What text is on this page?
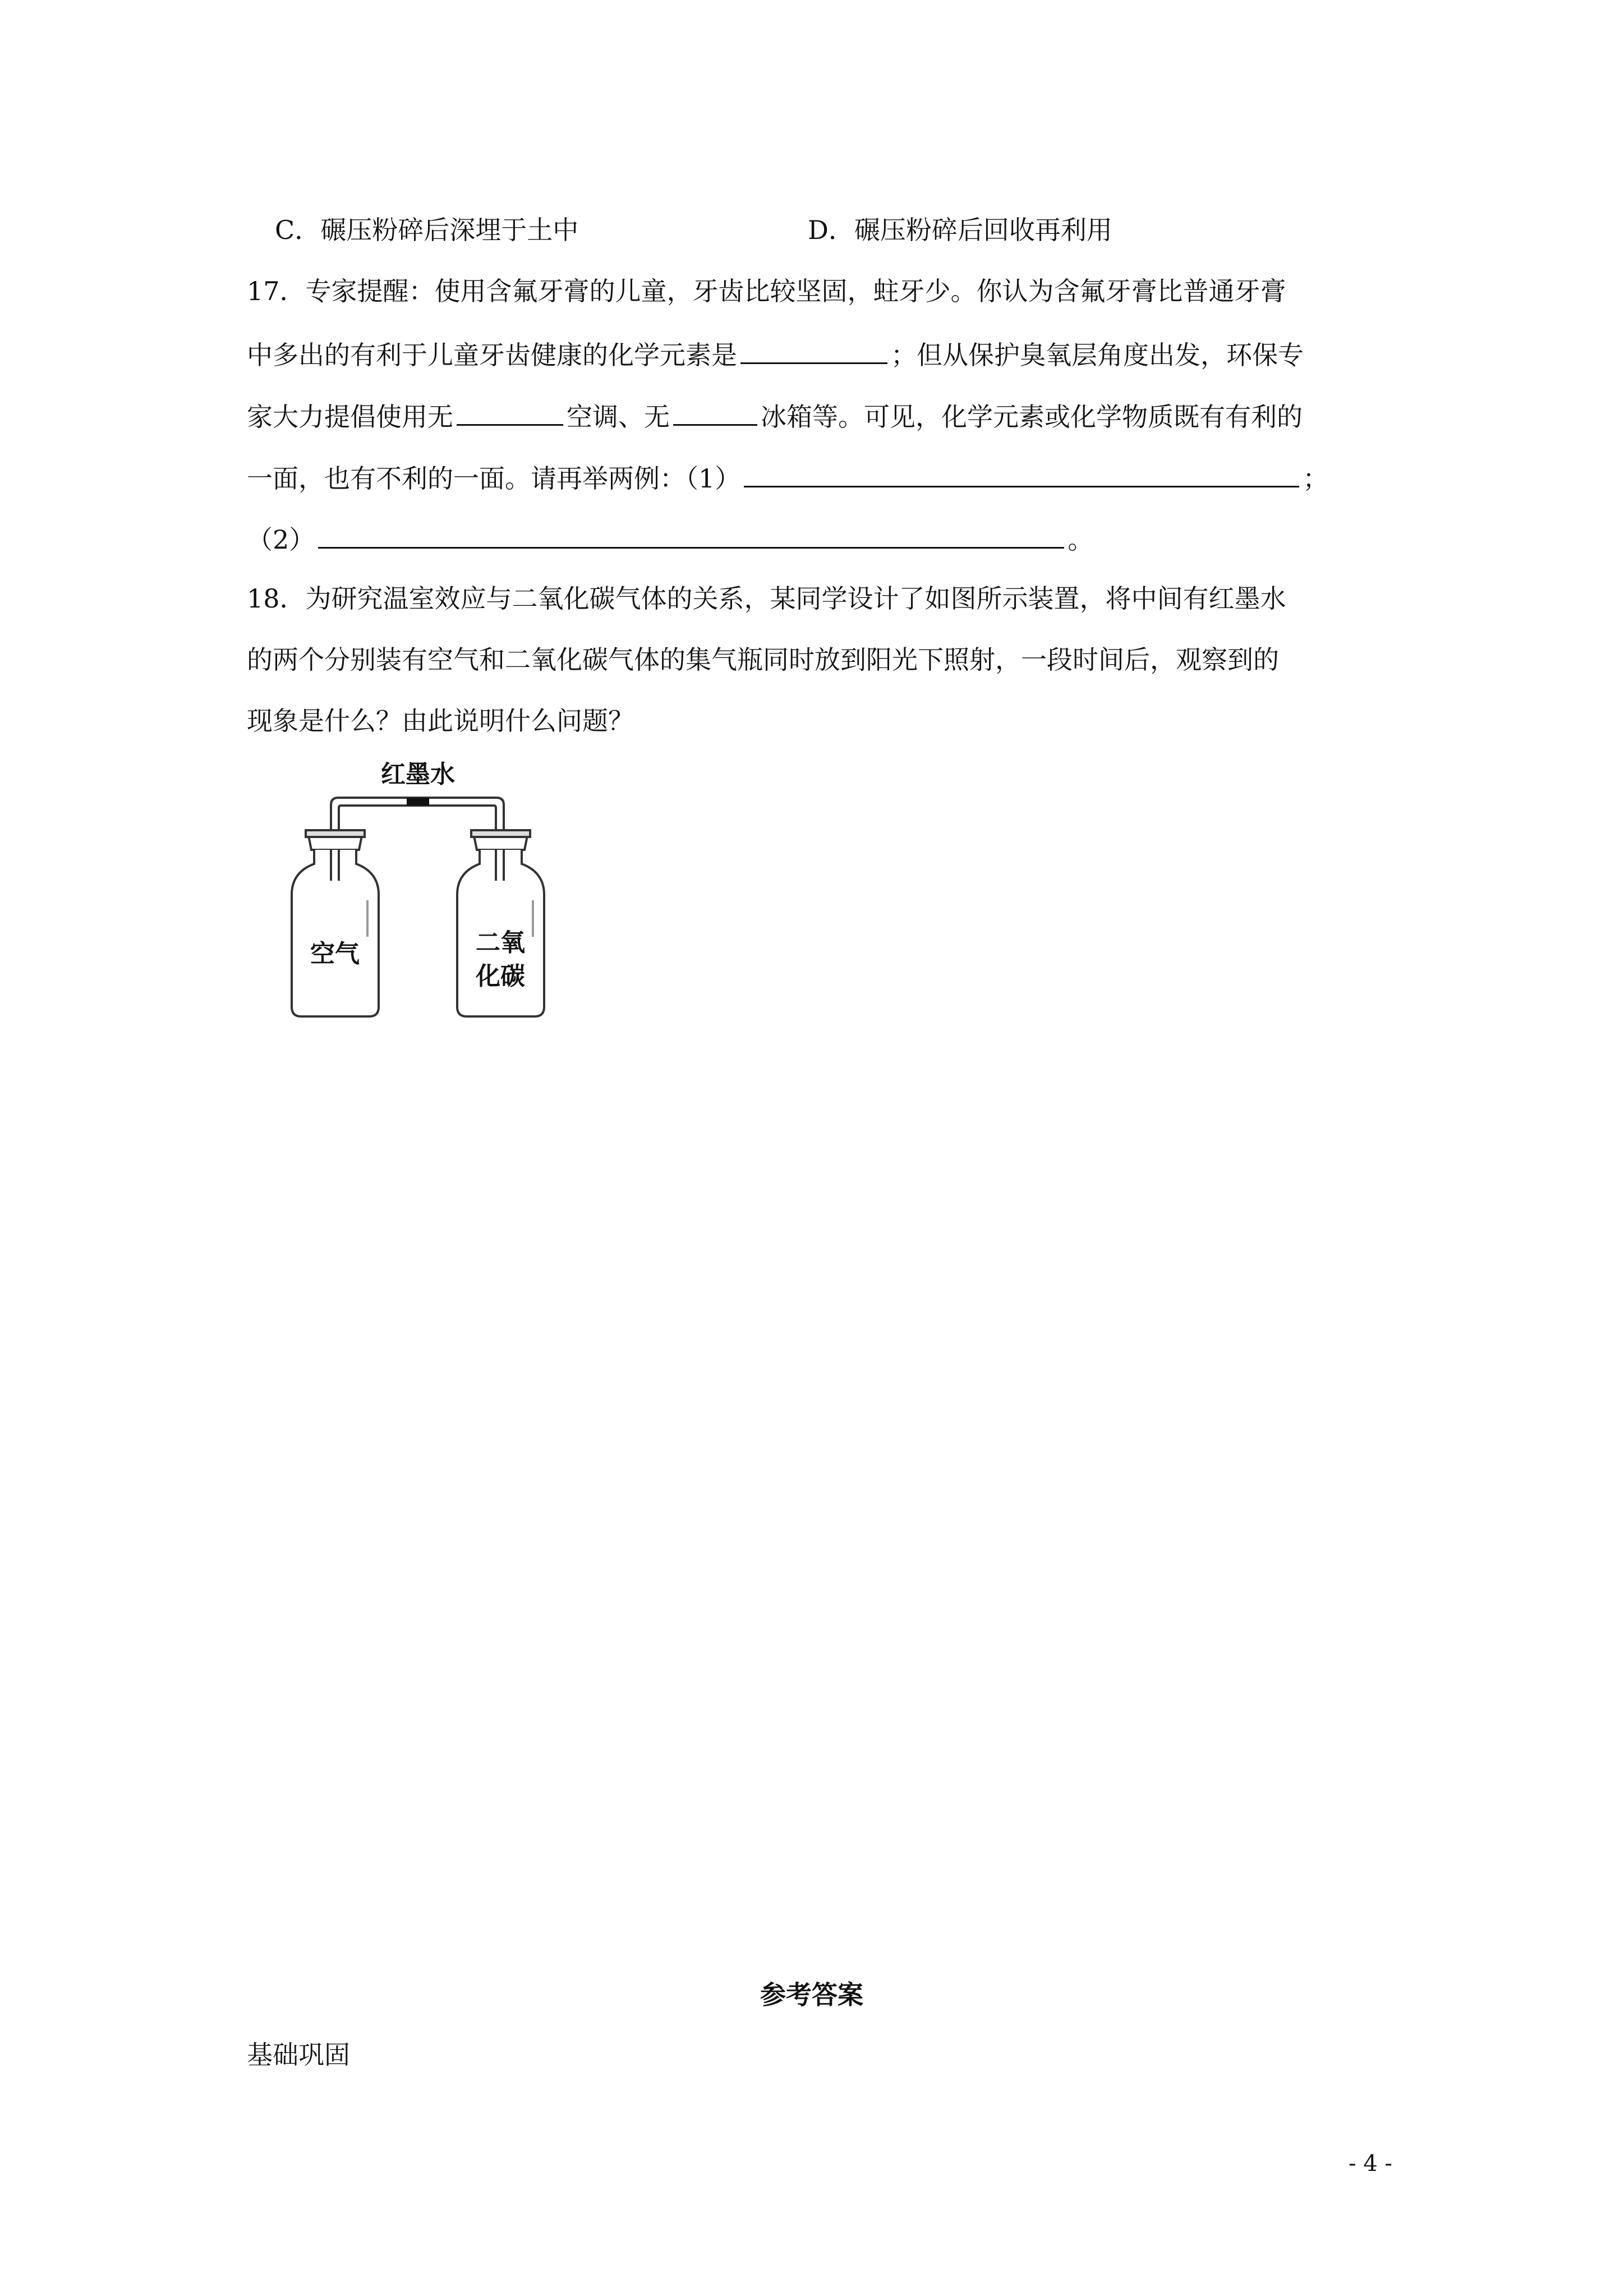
C．碾压粉碎后深埋于土中	D．碾压粉碎后回收再利用
17．专家提醒：使用含氟牙膏的儿童，牙齿比较坚固，蛀牙少。你认为含氟牙膏比普通牙膏
中多出的有利于儿童牙齿健康的化学元素是	；但从保护臭氧层角度出发，环保专
家大力提倡使用无	空调、无	冰箱等。可见，化学元素或化学物质既有有利的
一面，也有不利的一面。请再举两例：（1）	；
（2）	。
18．为研究温室效应与二氧化碳气体的关系，某同学设计了如图所示装置，将中间有红墨水
的两个分别装有空气和二氧化碳气体的集气瓶同时放到阳光下照射，一段时间后，观察到的
现象是什么？由此说明什么问题？
红墨水
空气	二氧
化碳
参考答案
基础巩固
- 4 -
